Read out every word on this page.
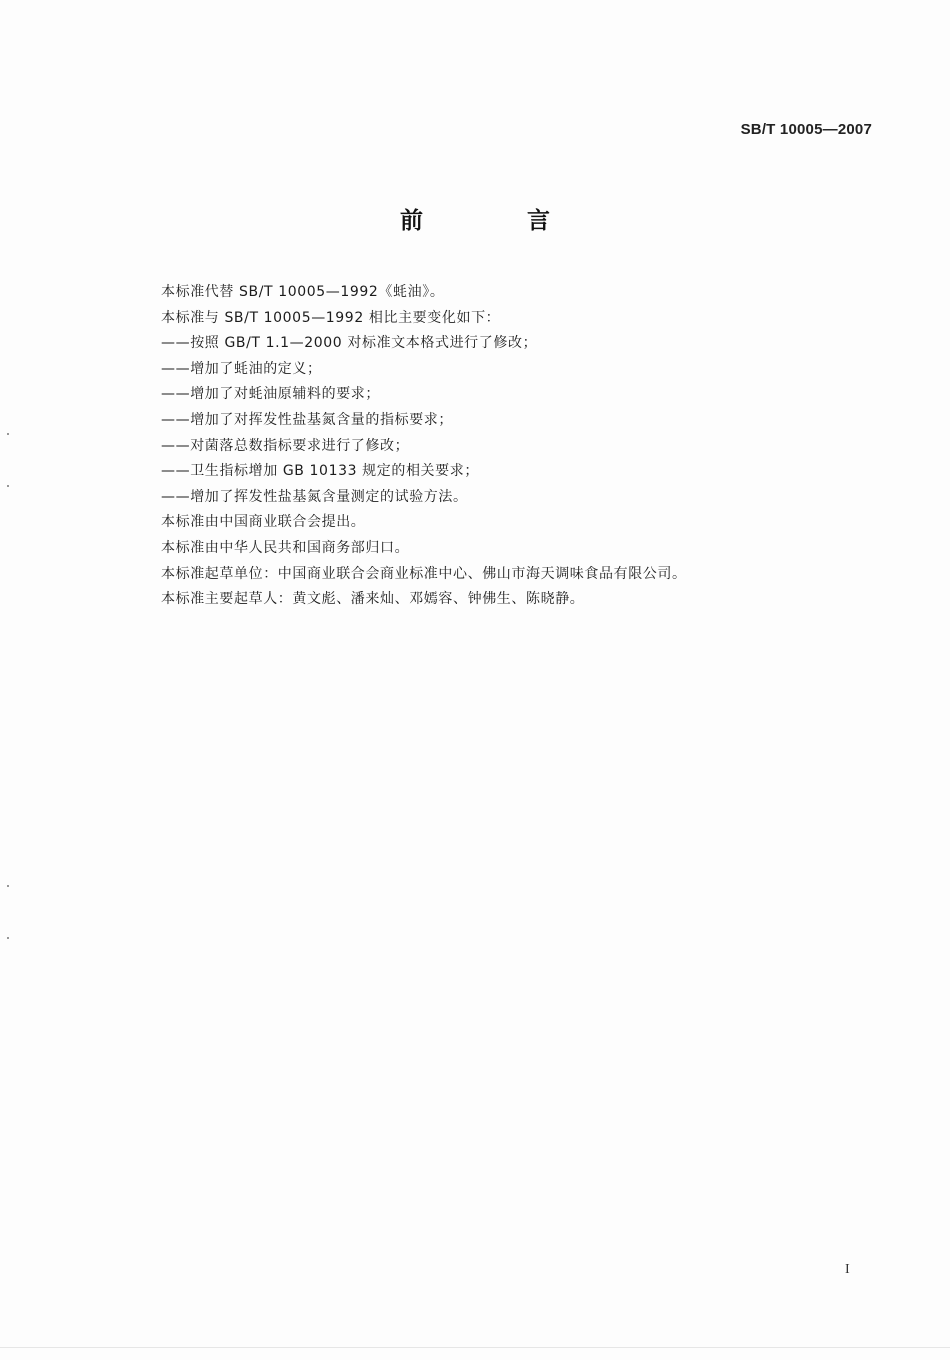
SB/T 10005—2007
前 言
本标准代替 SB/T 10005—1992《蚝油》。
本标准与 SB/T 10005—1992 相比主要变化如下：
——按照 GB/T 1.1—2000 对标准文本格式进行了修改；
——增加了蚝油的定义；
——增加了对蚝油原辅料的要求；
——增加了对挥发性盐基氮含量的指标要求；
——对菌落总数指标要求进行了修改；
——卫生指标增加 GB 10133 规定的相关要求；
——增加了挥发性盐基氮含量测定的试验方法。
本标准由中国商业联合会提出。
本标准由中华人民共和国商务部归口。
本标准起草单位：中国商业联合会商业标准中心、佛山市海天调味食品有限公司。
本标准主要起草人：黄文彪、潘来灿、邓嫣容、钟佛生、陈晓静。
I
